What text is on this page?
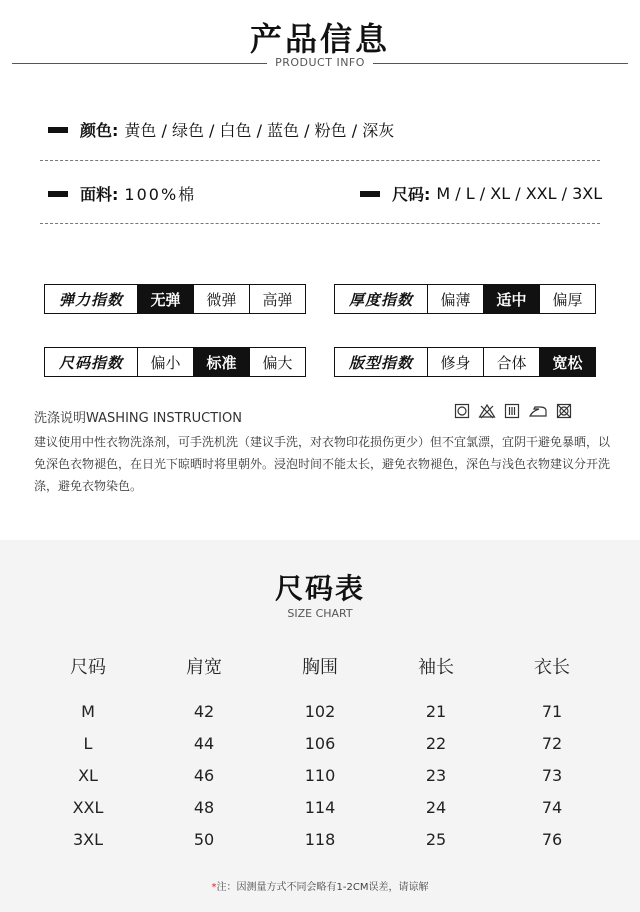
产品信息
PRODUCT INFO
颜色: 黄色 / 绿色 / 白色 / 蓝色 / 粉色 / 深灰
面料: 100%棉	尺码: M / L / XL / XXL / 3XL
弹力指数	无弹	微弹	高弹	厚度指数	偏薄	适中	偏厚
尺码指数	偏小	标准	偏大	版型指数	修身	合体	宽松
洗涤说明WASHING INSTRUCTION
建议使用中性衣物洗涤剂，可手洗机洗（建议手洗，对衣物印花损伤更少）但不宜氯漂，宜阴干避免暴晒，以免深色衣物褪色，在日光下晾晒时将里朝外。浸泡时间不能太长，避免衣物褪色，深色与浅色衣物建议分开洗涤，避免衣物染色。
尺码表
SIZE CHART
尺码	肩宽	胸围	袖长	衣长
M	42	102	21	71
L	44	106	22	72
XL	46	110	23	73
XXL	48	114	24	74
3XL	50	118	25	76
*注：因测量方式不同会略有1-2CM误差，请谅解
